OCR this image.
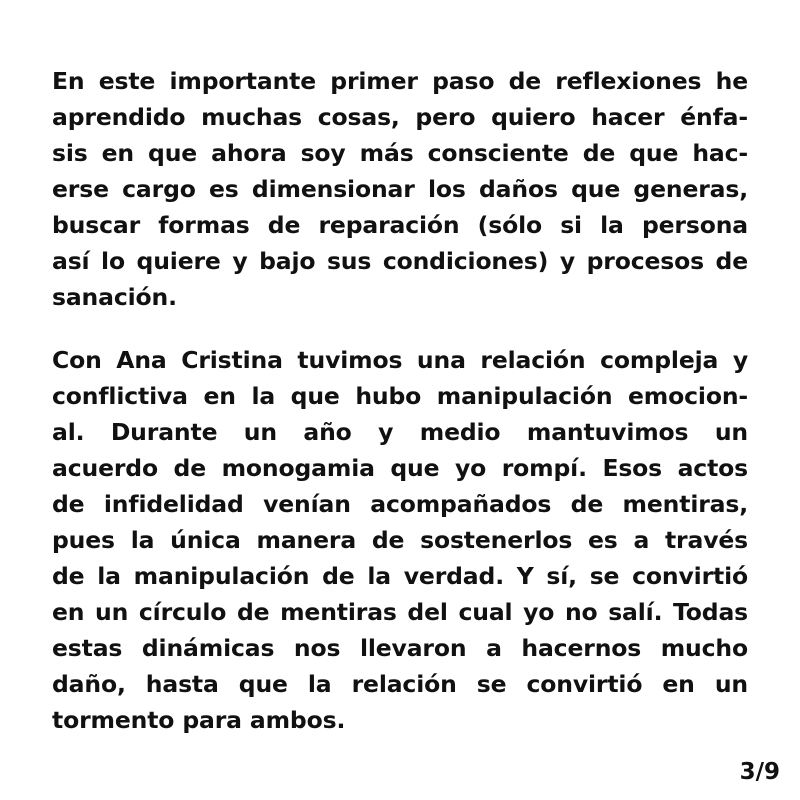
En este importante primer paso de reflexiones he
aprendido muchas cosas, pero quiero hacer énfa-
sis en que ahora soy más consciente de que hac-
erse cargo es dimensionar los daños que generas,
buscar formas de reparación (sólo si la persona
así lo quiere y bajo sus condiciones) y procesos de
sanación.
Con Ana Cristina tuvimos una relación compleja y
conflictiva en la que hubo manipulación emocion-
al. Durante un año y medio mantuvimos un
acuerdo de monogamia que yo rompí. Esos actos
de infidelidad venían acompañados de mentiras,
pues la única manera de sostenerlos es a través
de la manipulación de la verdad. Y sí, se convirtió
en un círculo de mentiras del cual yo no salí. Todas
estas dinámicas nos llevaron a hacernos mucho
daño, hasta que la relación se convirtió en un
tormento para ambos.
3/9
